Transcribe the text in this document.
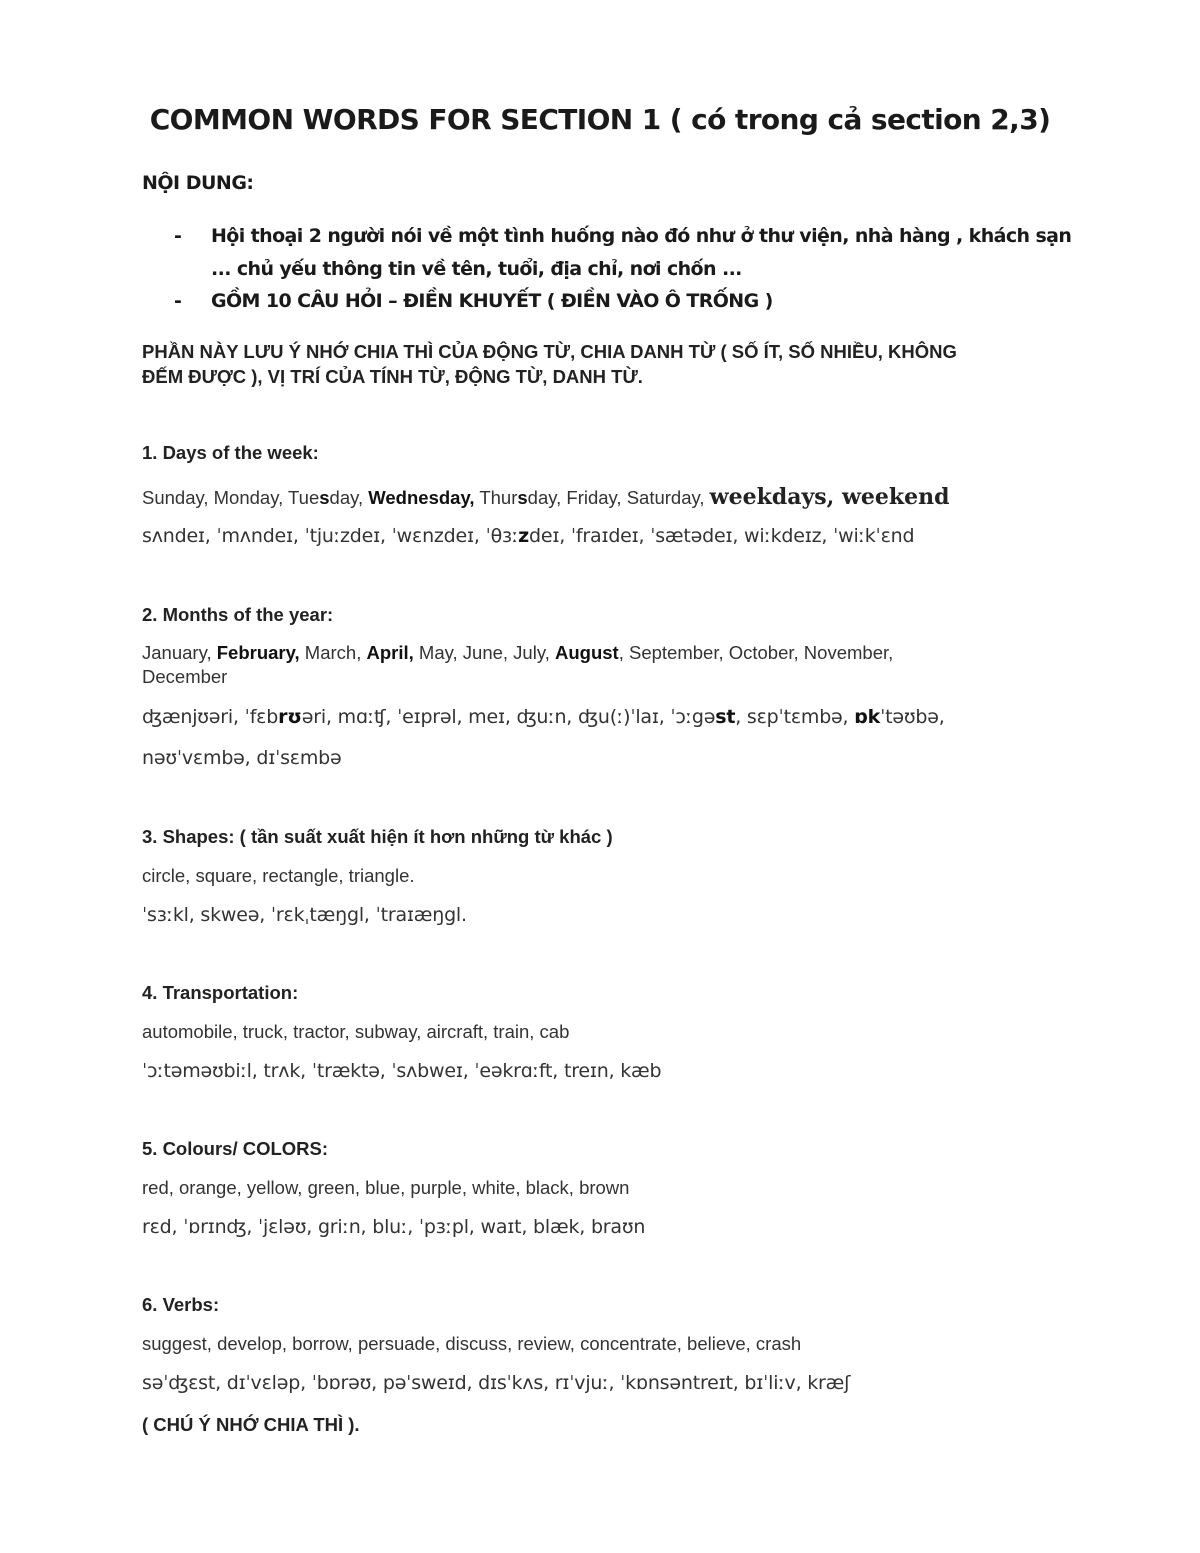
COMMON WORDS FOR SECTION 1 ( có trong cả section 2,3)
NỘI DUNG:
- Hội thoại 2 người nói về một tình huống nào đó như ở thư viện, nhà hàng , khách sạn
... chủ yếu thông tin về tên, tuổi, địa chỉ, nơi chốn ...
- GỒM 10 CÂU HỎI – ĐIỀN KHUYẾT ( ĐIỀN VÀO Ô TRỐNG )
PHẦN NÀY LƯU Ý NHỚ CHIA THÌ CỦA ĐỘNG TỪ, CHIA DANH TỪ ( SỐ ÍT, SỐ NHIỀU, KHÔNG
ĐẾM ĐƯỢC ), VỊ TRÍ CỦA TÍNH TỪ, ĐỘNG TỪ, DANH TỪ.
1. Days of the week:
Sunday, Monday, Tuesday, Wednesday, Thursday, Friday, Saturday, weekdays, weekend
sʌndeɪ, ˈmʌndeɪ, ˈtjuːzdeɪ, ˈwɛnzdeɪ, ˈθɜːzdeɪ, ˈfraɪdeɪ, ˈsætədeɪ, wiːkdeɪz, ˈwiːkˈɛnd
2. Months of the year:
January, February, March, April, May, June, July, August, September, October, November,
December
ʤænjʊəri, ˈfɛbrʊəri, mɑːʧ, ˈeɪprəl, meɪ, ʤuːn, ʤu(ː)ˈlaɪ, ˈɔːgəst, sɛpˈtɛmbə, ɒkˈtəʊbə,
nəʊˈvɛmbə, dɪˈsɛmbə
3. Shapes: ( tần suất xuất hiện ít hơn những từ khác )
circle, square, rectangle, triangle.
ˈsɜːkl, skweə, ˈrɛkˌtæŋgl, ˈtraɪæŋgl.
4. Transportation:
automobile, truck, tractor, subway, aircraft, train, cab
ˈɔːtəməʊbiːl, trʌk, ˈtræktə, ˈsʌbweɪ, ˈeəkrɑːft, treɪn, kæb
5. Colours/ COLORS:
red, orange, yellow, green, blue, purple, white, black, brown
rɛd, ˈɒrɪnʤ, ˈjɛləʊ, griːn, bluː, ˈpɜːpl, waɪt, blæk, braʊn
6. Verbs:
suggest, develop, borrow, persuade, discuss, review, concentrate, believe, crash
səˈʤɛst, dɪˈvɛləp, ˈbɒrəʊ, pəˈsweɪd, dɪsˈkʌs, rɪˈvjuː, ˈkɒnsəntreɪt, bɪˈliːv, kræʃ
( CHÚ Ý NHỚ CHIA THÌ ).
